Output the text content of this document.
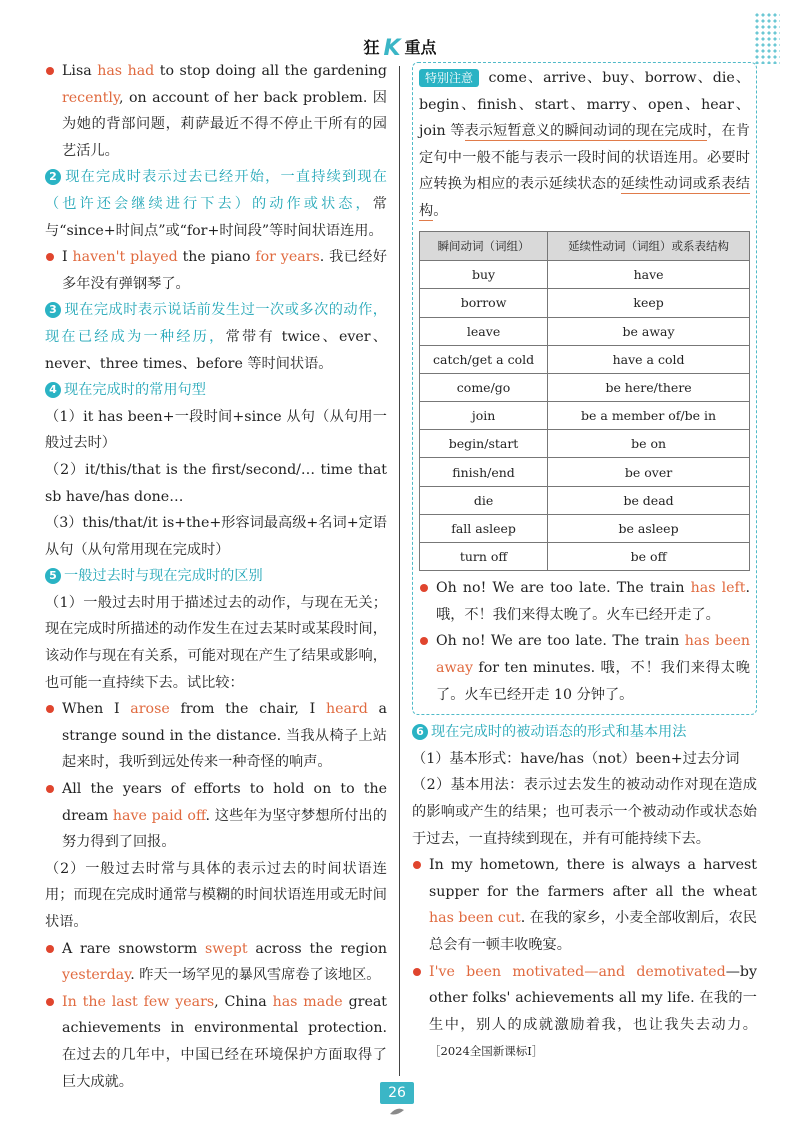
狂 K 重点

Lisa has had to stop doing all the gardening recently, on account of her back problem. 因为她的背部问题，莉萨最近不得不停止干所有的园艺活儿。

2 现在完成时表示过去已经开始，一直持续到现在（也许还会继续进行下去）的动作或状态，常与“since+时间点”或“for+时间段”等时间状语连用。

I haven't played the piano for years. 我已经好多年没有弹钢琴了。

3 现在完成时表示说话前发生过一次或多次的动作，现在已经成为一种经历，常带有 twice、ever、never、three times、before 等时间状语。

4 现在完成时的常用句型

（1）it has been+一段时间+since 从句（从句用一般过去时）

（2）it/this/that is the first/second/… time that sb have/has done…

（3）this/that/it is+the+形容词最高级+名词+定语从句（从句常用现在完成时）

5 一般过去时与现在完成时的区别

（1）一般过去时用于描述过去的动作，与现在无关；现在完成时所描述的动作发生在过去某时或某段时间，该动作与现在有关系，可能对现在产生了结果或影响，也可能一直持续下去。试比较：

When I arose from the chair, I heard a strange sound in the distance. 当我从椅子上站起来时，我听到远处传来一种奇怪的响声。

All the years of efforts to hold on to the dream have paid off. 这些年为坚守梦想所付出的努力得到了回报。

（2）一般过去时常与具体的表示过去的时间状语连用；而现在完成时通常与模糊的时间状语连用或无时间状语。

A rare snowstorm swept across the region yesterday. 昨天一场罕见的暴风雪席卷了该地区。

In the last few years, China has made great achievements in environmental protection. 在过去的几年中，中国已经在环境保护方面取得了巨大成就。

特别注意 come、arrive、buy、borrow、die、begin、finish、start、marry、open、hear、join 等表示短暂意义的瞬间动词的现在完成时，在肯定句中一般不能与表示一段时间的状语连用。必要时应转换为相应的表示延续状态的延续性动词或系表结构。

瞬间动词（词组）	延续性动词（词组）或系表结构
buy	have
borrow	keep
leave	be away
catch/get a cold	have a cold
come/go	be here/there
join	be a member of/be in
begin/start	be on
finish/end	be over
die	be dead
fall asleep	be asleep
turn off	be off

Oh no! We are too late. The train has left. 哦，不！我们来得太晚了。火车已经开走了。

Oh no! We are too late. The train has been away for ten minutes. 哦，不！我们来得太晚了。火车已经开走 10 分钟了。

6 现在完成时的被动语态的形式和基本用法

（1）基本形式：have/has（not）been+过去分词

（2）基本用法：表示过去发生的被动动作对现在造成的影响或产生的结果；也可表示一个被动动作或状态始于过去，一直持续到现在，并有可能持续下去。

In my hometown, there is always a harvest supper for the farmers after all the wheat has been cut. 在我的家乡，小麦全部收割后，农民总会有一顿丰收晚宴。

I've been motivated—and demotivated—by other folks' achievements all my life. 在我的一生中，别人的成就激励着我，也让我失去动力。［2024全国新课标Ⅰ］

26
